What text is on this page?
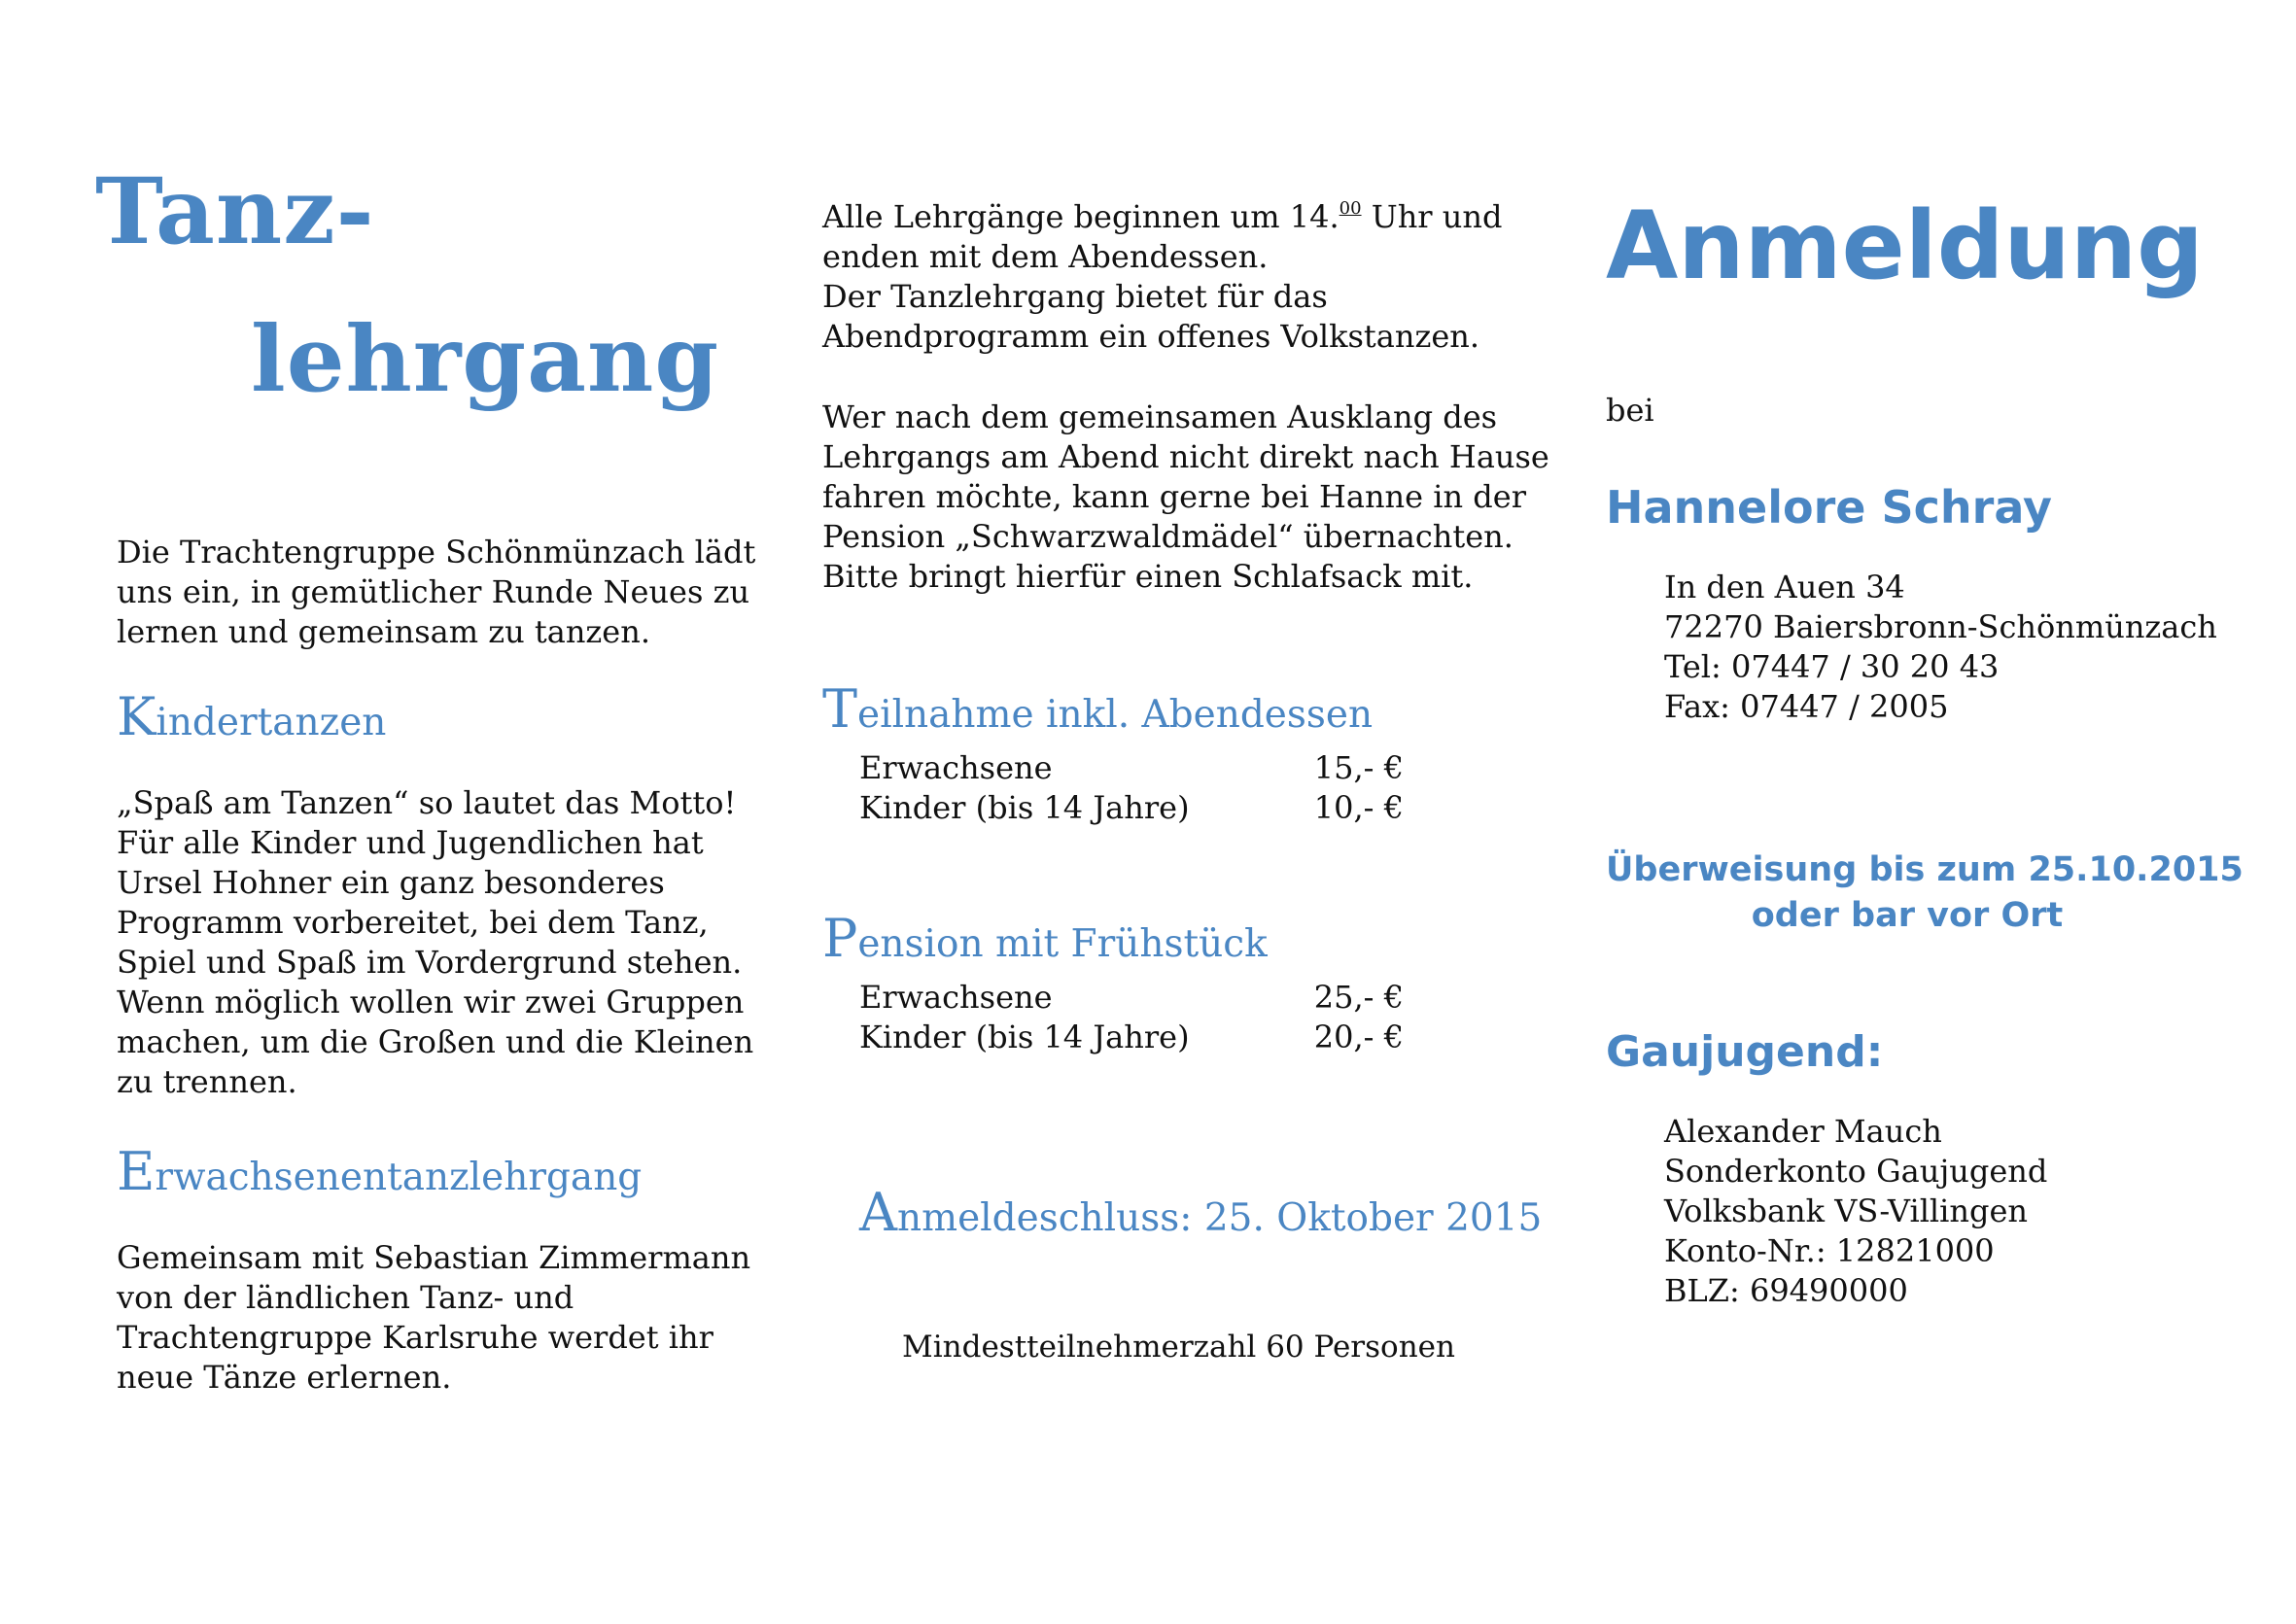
Tanz-
lehrgang
Die Trachtengruppe Schönmünzach lädt
uns ein, in gemütlicher Runde Neues zu
lernen und gemeinsam zu tanzen.
Kindertanzen
„Spaß am Tanzen“ so lautet das Motto!
Für alle Kinder und Jugendlichen hat
Ursel Hohner ein ganz besonderes
Programm vorbereitet, bei dem Tanz,
Spiel und Spaß im Vordergrund stehen.
Wenn möglich wollen wir zwei Gruppen
machen, um die Großen und die Kleinen
zu trennen.
Erwachsenentanzlehrgang
Gemeinsam mit Sebastian Zimmermann
von der ländlichen Tanz- und
Trachtengruppe Karlsruhe werdet ihr
neue Tänze erlernen.
Alle Lehrgänge beginnen um 14.00 Uhr und
enden mit dem Abendessen.
Der Tanzlehrgang bietet für das
Abendprogramm ein offenes Volkstanzen.
Wer nach dem gemeinsamen Ausklang des
Lehrgangs am Abend nicht direkt nach Hause
fahren möchte, kann gerne bei Hanne in der
Pension „Schwarzwaldmädel“ übernachten.
Bitte bringt hierfür einen Schlafsack mit.
Teilnahme inkl. Abendessen
Erwachsene	15,- €
Kinder (bis 14 Jahre)	10,- €
Pension mit Frühstück
Erwachsene	25,- €
Kinder (bis 14 Jahre)	20,- €
Anmeldeschluss: 25. Oktober 2015
Mindestteilnehmerzahl 60 Personen
Anmeldung
bei
Hannelore Schray
In den Auen 34
72270 Baiersbronn-Schönmünzach
Tel: 07447 / 30 20 43
Fax: 07447 / 2005
Überweisung bis zum 25.10.2015
oder bar vor Ort
Gaujugend:
Alexander Mauch
Sonderkonto Gaujugend
Volksbank VS-Villingen
Konto-Nr.: 12821000
BLZ: 69490000
